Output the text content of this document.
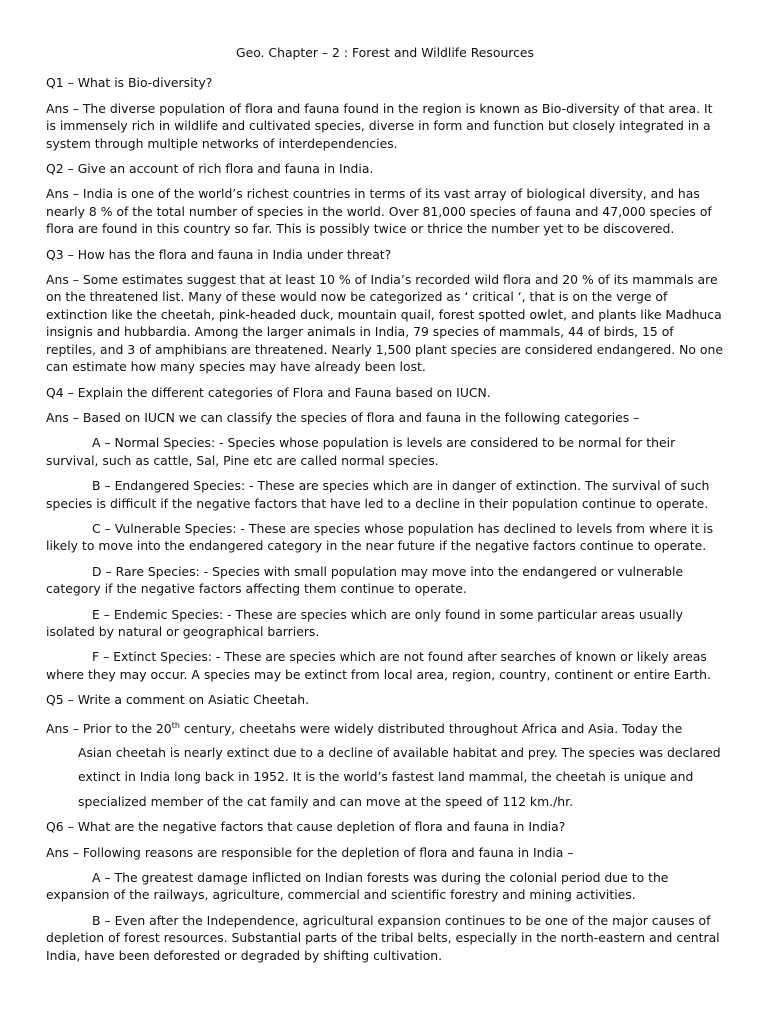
Geo. Chapter – 2 : Forest and Wildlife Resources

Q1 – What is Bio-diversity?

Ans – The diverse population of flora and fauna found in the region is known as Bio-diversity of that area. It is immensely rich in wildlife and cultivated species, diverse in form and function but closely integrated in a system through multiple networks of interdependencies.

Q2 – Give an account of rich flora and fauna in India.

Ans – India is one of the world’s richest countries in terms of its vast array of biological diversity, and has nearly 8 % of the total number of species in the world. Over 81,000 species of fauna and 47,000 species of flora are found in this country so far. This is possibly twice or thrice the number yet to be discovered.

Q3 – How has the flora and fauna in India under threat?

Ans – Some estimates suggest that at least 10 % of India’s recorded wild flora and 20 % of its mammals are on the threatened list. Many of these would now be categorized as ‘ critical ‘, that is on the verge of extinction like the cheetah, pink-headed duck, mountain quail, forest spotted owlet, and plants like Madhuca insignis and hubbardia. Among the larger animals in India, 79 species of mammals, 44 of birds, 15 of reptiles, and 3 of amphibians are threatened. Nearly 1,500 plant species are considered endangered. No one can estimate how many species may have already been lost.

Q4 – Explain the different categories of Flora and Fauna based on IUCN.

Ans – Based on IUCN we can classify the species of flora and fauna in the following categories –

A – Normal Species: - Species whose population is levels are considered to be normal for their survival, such as cattle, Sal, Pine etc are called normal species.

B – Endangered Species: - These are species which are in danger of extinction. The survival of such species is difficult if the negative factors that have led to a decline in their population continue to operate.

C – Vulnerable Species: - These are species whose population has declined to levels from where it is likely to move into the endangered category in the near future if the negative factors continue to operate.

D – Rare Species: - Species with small population may move into the endangered or vulnerable category if the negative factors affecting them continue to operate.

E – Endemic Species: - These are species which are only found in some particular areas usually isolated by natural or geographical barriers.

F – Extinct Species: - These are species which are not found after searches of known or likely areas where they may occur. A species may be extinct from local area, region, country, continent or entire Earth.

Q5 – Write a comment on Asiatic Cheetah.

Ans – Prior to the 20th century, cheetahs were widely distributed throughout Africa and Asia. Today the
Asian cheetah is nearly extinct due to a decline of available habitat and prey. The species was declared extinct in India long back in 1952. It is the world’s fastest land mammal, the cheetah is unique and specialized member of the cat family and can move at the speed of 112 km./hr.

Q6 – What are the negative factors that cause depletion of flora and fauna in India?

Ans – Following reasons are responsible for the depletion of flora and fauna in India –

A – The greatest damage inflicted on Indian forests was during the colonial period due to the expansion of the railways, agriculture, commercial and scientific forestry and mining activities.

B – Even after the Independence, agricultural expansion continues to be one of the major causes of depletion of forest resources. Substantial parts of the tribal belts, especially in the north-eastern and central India, have been deforested or degraded by shifting cultivation.
